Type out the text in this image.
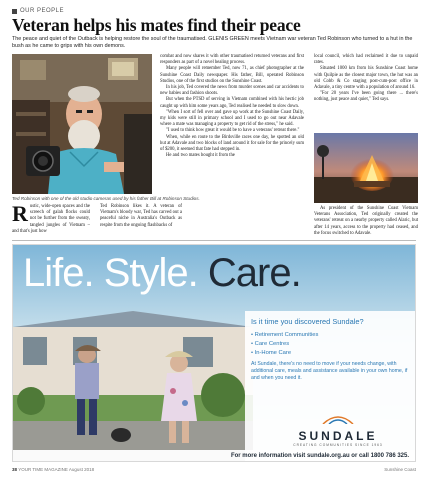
OUR PEOPLE
Veteran helps his mates find their peace

The peace and quiet of the Outback is helping restore the soul of the traumatised. GLENIS GREEN meets Vietnam war veteran Ted Robinson who turned to a hut in the bush as he came to grips with his own demons.

Ted Robinson with one of the old studio cameras used by his father Bill at Robinson Studios.

Rustic, wide-open spaces and the screech of galah flocks could not be further from the sweaty, tangled jungles of Vietnam – and that's just how

Ted Robinson likes it. A veteran of Vietnam's bloody war, Ted has carved out a peaceful niche in Australia's Outback as respite from the ongoing flashbacks of

combat and now shares it with other traumatised returned veterans and first responders as part of a novel healing process.

Many people will remember Ted, now 71, as chief photographer at the Sunshine Coast Daily newspaper. His father, Bill, operated Robinson Studios, one of the first studios on the Sunshine Coast.

In his job, Ted covered the news from murder scenes and car accidents to new babies and fashion shoots.

But when the PTSD of serving in Vietnam combined with his hectic job caught up with him some years ago, Ted realised he needed to slow down.

"When I sort of fell over and gave up work at the Sunshine Coast Daily, my kids were still in primary school and I used to go out near Adavale where a mate was managing a property to get rid of the stress," he said.

"I used to think how great it would be to have a veterans' retreat there."

When, while en route to the Birdsville races one day, he spotted an old hut at Adavale and two blocks of land around it for sale for the princely sum of $200, it seemed that fate had stepped in.

He and two mates bought it from the

local council, which had reclaimed it due to unpaid rates.

Situated 1000 km from his Sunshine Coast home with Quilpie as the closest major town, the hut was an old Cobb & Co staging post-cum-post office in Adavale, a tiny centre with a population of around 16.

"For 20 years I've been going there ... there's nothing, just peace and quiet," Ted says.

As president of the Sunshine Coast Vietnam Veterans Association, Ted originally created the veterans' retreat on a nearby property called Alaric, but after 14 years, access to the property had ceased, and the focus switched to Adavale.

Life. Style. Care.
Is it time you discovered Sundale?
• Retirement Communities
• Care Centres
• In-Home Care
At Sundale, there's no need to move if your needs change, with additional care, meals and assistance available in your own home, if and when you need it.
SUNDALE
CREATING COMMUNITIES SINCE 1963
For more information visit sundale.org.au or call 1800 786 325.
38 YOUR TIME MAGAZINE August 2018	Sunshine Coast
